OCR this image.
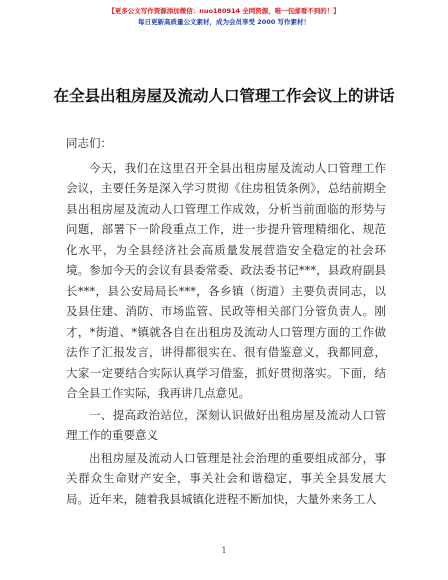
【更多公文写作资源添加微信：nuo180914 全网资源，唯一包邮看不到的！】
每日更新高质量公文素材，成为会员享受 2000 写作素材！
在全县出租房屋及流动人口管理工作会议上的讲话

同志们：

今天，我们在这里召开全县出租房屋及流动人口管理工作会议，主要任务是深入学习贯彻《住房租赁条例》，总结前期全县出租房屋及流动人口管理工作成效，分析当前面临的形势与问题，部署下一阶段重点工作，进一步提升管理精细化、规范化水平，为全县经济社会高质量发展营造安全稳定的社会环境。参加今天的会议有县委常委、政法委书记***，县政府副县长***，县公安局局长***，各乡镇（街道）主要负责同志，以及县住建、消防、市场监管、民政等相关部门分管负责人。刚才，*街道、*镇就各自在出租房及流动人口管理方面的工作做法作了汇报发言，讲得都很实在、很有借鉴意义，我都同意，大家一定要结合实际认真学习借鉴，抓好贯彻落实。下面，结合全县工作实际，我再讲几点意见。

一、提高政治站位，深刻认识做好出租房屋及流动人口管理工作的重要意义

出租房屋及流动人口管理是社会治理的重要组成部分，事关群众生命财产安全，事关社会和谐稳定，事关全县发展大局。近年来，随着我县城镇化进程不断加快，大量外来务工人

1
